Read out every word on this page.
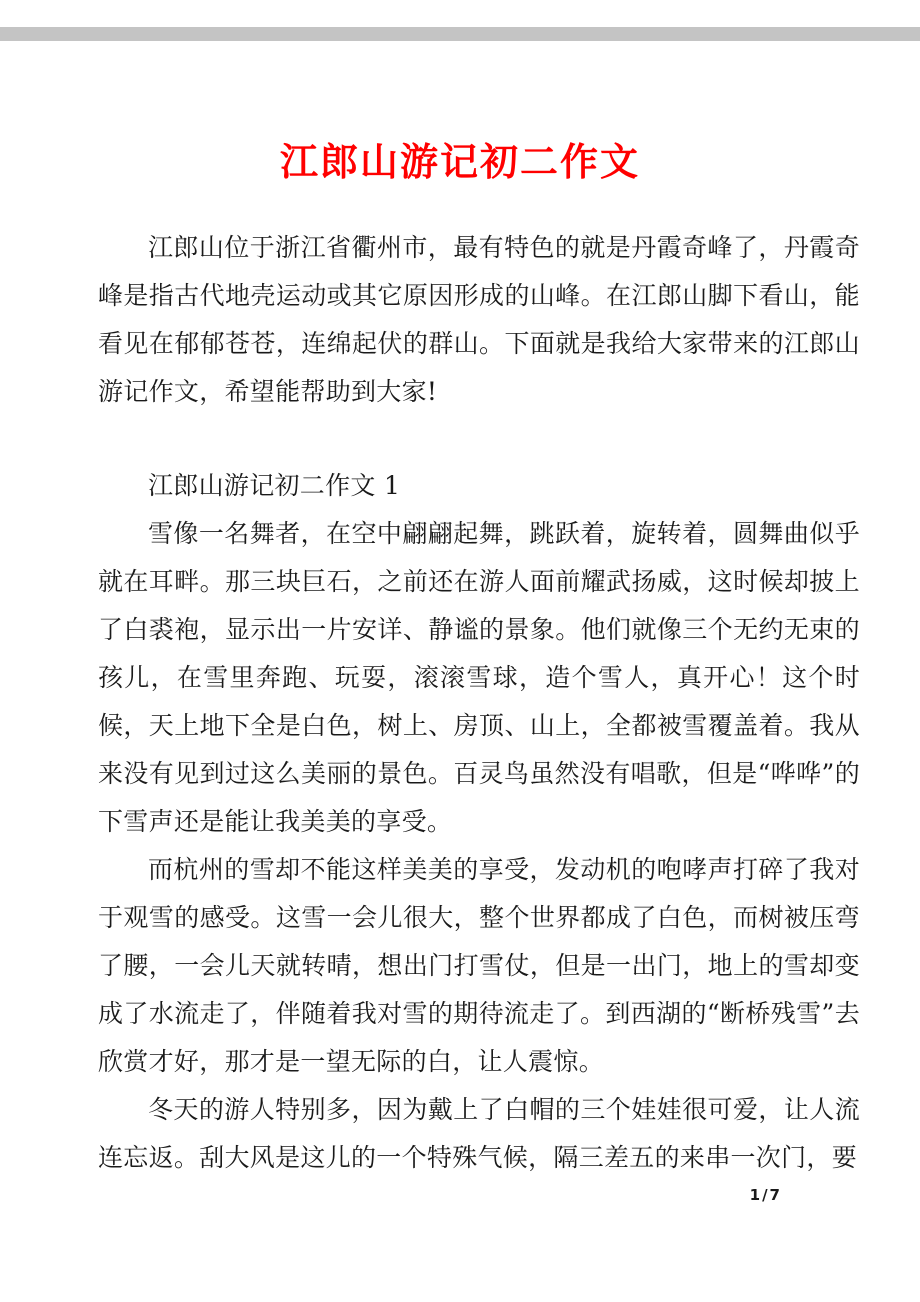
江郎山游记初二作文

江郎山位于浙江省衢州市，最有特色的就是丹霞奇峰了，丹霞奇峰是指古代地壳运动或其它原因形成的山峰。在江郎山脚下看山，能看见在郁郁苍苍，连绵起伏的群山。下面就是我给大家带来的江郎山游记作文，希望能帮助到大家!

江郎山游记初二作文 1

雪像一名舞者，在空中翩翩起舞，跳跃着，旋转着，圆舞曲似乎就在耳畔。那三块巨石，之前还在游人面前耀武扬威，这时候却披上了白裘袍，显示出一片安详、静谧的景象。他们就像三个无约无束的孩儿，在雪里奔跑、玩耍，滚滚雪球，造个雪人，真开心！这个时候，天上地下全是白色，树上、房顶、山上，全都被雪覆盖着。我从来没有见到过这么美丽的景色。百灵鸟虽然没有唱歌，但是“哗哗”的下雪声还是能让我美美的享受。

而杭州的雪却不能这样美美的享受，发动机的咆哮声打碎了我对于观雪的感受。这雪一会儿很大，整个世界都成了白色，而树被压弯了腰，一会儿天就转晴，想出门打雪仗，但是一出门，地上的雪却变成了水流走了，伴随着我对雪的期待流走了。到西湖的“断桥残雪”去欣赏才好，那才是一望无际的白，让人震惊。

冬天的游人特别多，因为戴上了白帽的三个娃娃很可爱，让人流连忘返。刮大风是这儿的一个特殊气候，隔三差五的来串一次门，要

1/7
